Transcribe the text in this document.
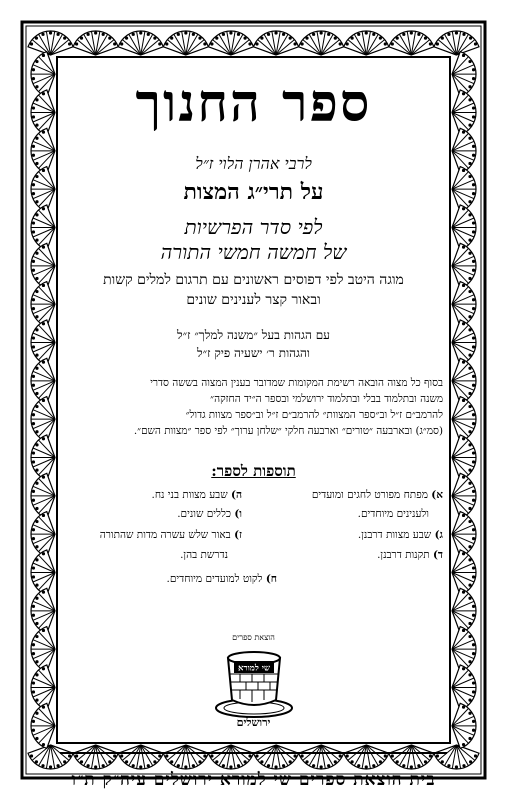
ספר החנוך
לרבי אהרן הלוי ז״ל
על תרי״ג המצות
לפי סדר הפרשיות
של חמשה חמשי התורה
מוגה היטב לפי דפוסים ראשונים עם תרגום למלים קשות
ובאור קצר לענינים שונים
עם הגהות בעל ״משנה למלך״ ז״ל
והגהות ר׳ ישעיה פיק ז״ל
בסוף כל מצוה הובאה רשימת המקומות שמדובר בענין המצוה בששה סדרי
משנה ובתלמוד בבלי ובתלמוד ירושלמי ובספר ה״יד החזקה״
להרמב״ם ז״ל וב״ספר המצוות״ להרמב״ם ז״ל וב״ספר מצוות גדול״
(סמ״ג) ובארבעה ״טורים״ וארבעה חלקי ״שלחן ערוך״ לפי ספר ״מצוות השם״.
תוספות לספר:
א) מפתח מפורט לחגים ומועדים
ולענינים מיוחדים.
ג) שבע מצוות דרבנן.
ד) תקנות דרבנן.
ה) שבע מצוות בני נח.
ו) כללים שונים.
ז) באור שלש עשרה מדות שהתורה
נדרשת בהן.
ח) לקוט למועדים מיוחדים.
הוצאת ספרים
שי למורא
ירושלים
בית הוצאת ספרים שי למורא ירושלים עיה״ק ת״ו
